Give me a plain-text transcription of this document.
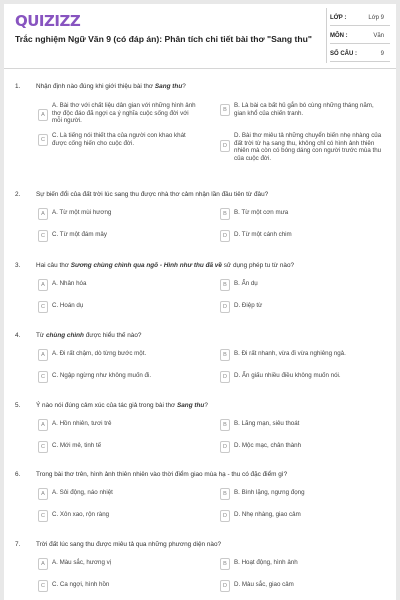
QUIZIZZ
Trắc nghiệm Ngữ Văn 9 (có đáp án): Phân tích chi tiết bài thơ "Sang thu"
LỚP :	Lớp 9
MÔN :	Văn
SỐ CÂU :	9
1. Nhận định nào đúng khi giới thiệu bài thơ Sang thu?
A
A. Bài thơ với chất liệu dân gian với những hình ảnh thơ độc đáo đã ngợi ca ý nghĩa cuộc sống đời với mỗi người.
B
B. Là bài ca bất hủ gắn bó cùng những tháng năm, gian khổ của chiến tranh.
C
C. Là tiếng nói thiết tha của người con khao khát được cống hiến cho cuộc đời.	D
D. Bài thơ miêu tả những chuyển biến nhẹ nhàng của đất trời từ hạ sang thu, không chỉ có hình ảnh thiên nhiên mà còn có bóng dáng con người trước mùa thu của cuộc đời.
2. Sự biến đổi của đất trời lúc sang thu được nhà thơ cảm nhận lần đầu tiên từ đâu?
A	A. Từ một mùi hương	B	B. Từ một cơn mưa
C	C. Từ một đám mây	D	D. Từ một cánh chim
3. Hai câu thơ Sương chùng chình qua ngõ - Hình như thu đã về sử dụng phép tu từ nào?
A	A. Nhân hóa	B	B. Ẩn dụ
C	C. Hoán dụ	D	D. Điệp từ
4. Từ chùng chình được hiểu thế nào?
A	A. Đi rất chậm, dò từng bước một.	B	B. Đi rất nhanh, vừa đi vừa nghiêng ngả.
C	C. Ngập ngừng như không muốn đi.	D	D. Ẩn giấu nhiều điều không muốn nói.
5. Ý nào nói đúng cảm xúc của tác giả trong bài thơ Sang thu?
A	A. Hồn nhiên, tươi trẻ	B	B. Lãng mạn, siêu thoát
C	C. Mới mẻ, tinh tế	D	D. Mộc mạc, chân thành
6. Trong bài thơ trên, hình ảnh thiên nhiên vào thời điểm giao mùa hạ - thu có đặc điểm gì?
A	A. Sôi động, náo nhiệt	B	B. Bình lặng, ngưng đọng
C	C. Xôn xao, rộn ràng	D	D. Nhẹ nhàng, giao cảm
7. Trời đất lúc sang thu được miêu tả qua những phương diện nào?
A	A. Màu sắc, hương vị	B	B. Hoạt động, hình ảnh
C	C. Ca ngợi, hình hồn	D	D. Màu sắc, giao cảm
